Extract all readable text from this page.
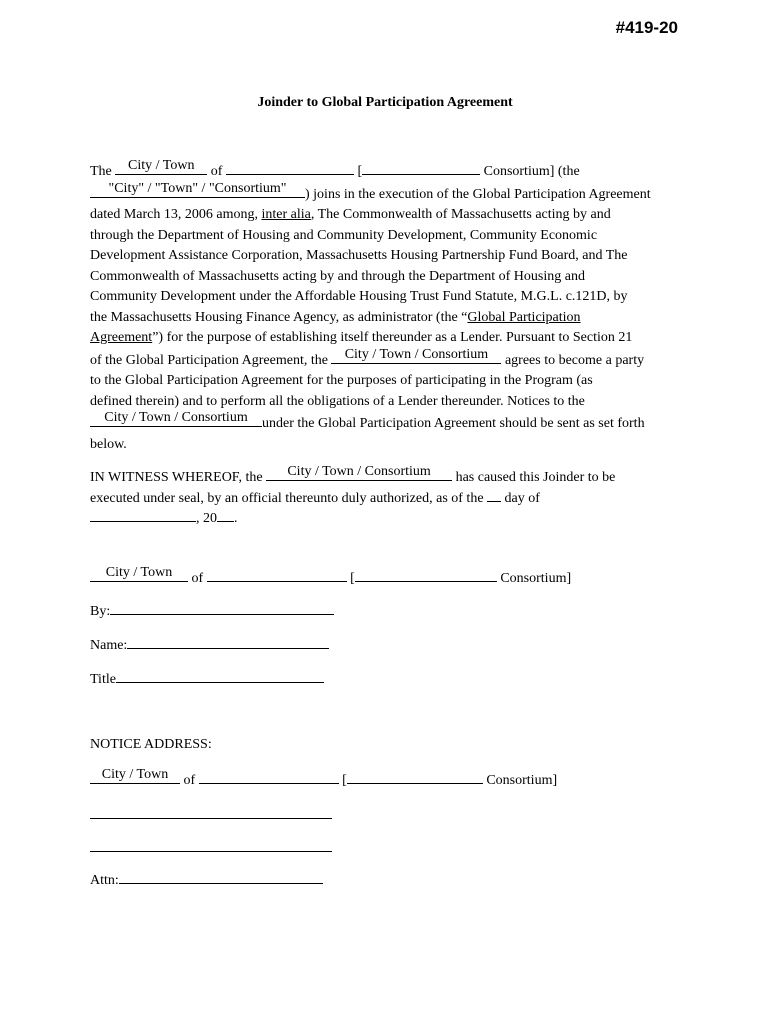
#419-20
Joinder to Global Participation Agreement

The	City / Town	of	[	Consortium] (the

"City" / "Town" / "Consortium"	) joins in the execution of the Global Participation Agreement
dated March 13, 2006 among, inter alia, The Commonwealth of Massachusetts acting by and
through the Department of Housing and Community Development, Community Economic
Development Assistance Corporation, Massachusetts Housing Partnership Fund Board, and The
Commonwealth of Massachusetts acting by and through the Department of Housing and
Community Development under the Affordable Housing Trust Fund Statute, M.G.L. c.121D, by
the Massachusetts Housing Finance Agency, as administrator (the “Global Participation
Agreement”) for the purpose of establishing itself thereunder as a Lender. Pursuant to Section 21
of the Global Participation Agreement, the	City / Town / Consortium	agrees to become a party
to the Global Participation Agreement for the purposes of participating in the Program (as
defined therein) and to perform all the obligations of a Lender thereunder. Notices to the

City / Town / Consortium	under the Global Participation Agreement should be sent as set forth
below.

IN WITNESS WHEREOF, the	City / Town / Consortium	has caused this Joinder to be
executed under seal, by an official thereunto duly authorized, as of the day of
, 20 .

City / Town	of	[	Consortium]
By:
Name:
Title
NOTICE ADDRESS:
City / Town	of	[	Consortium]
Attn:
